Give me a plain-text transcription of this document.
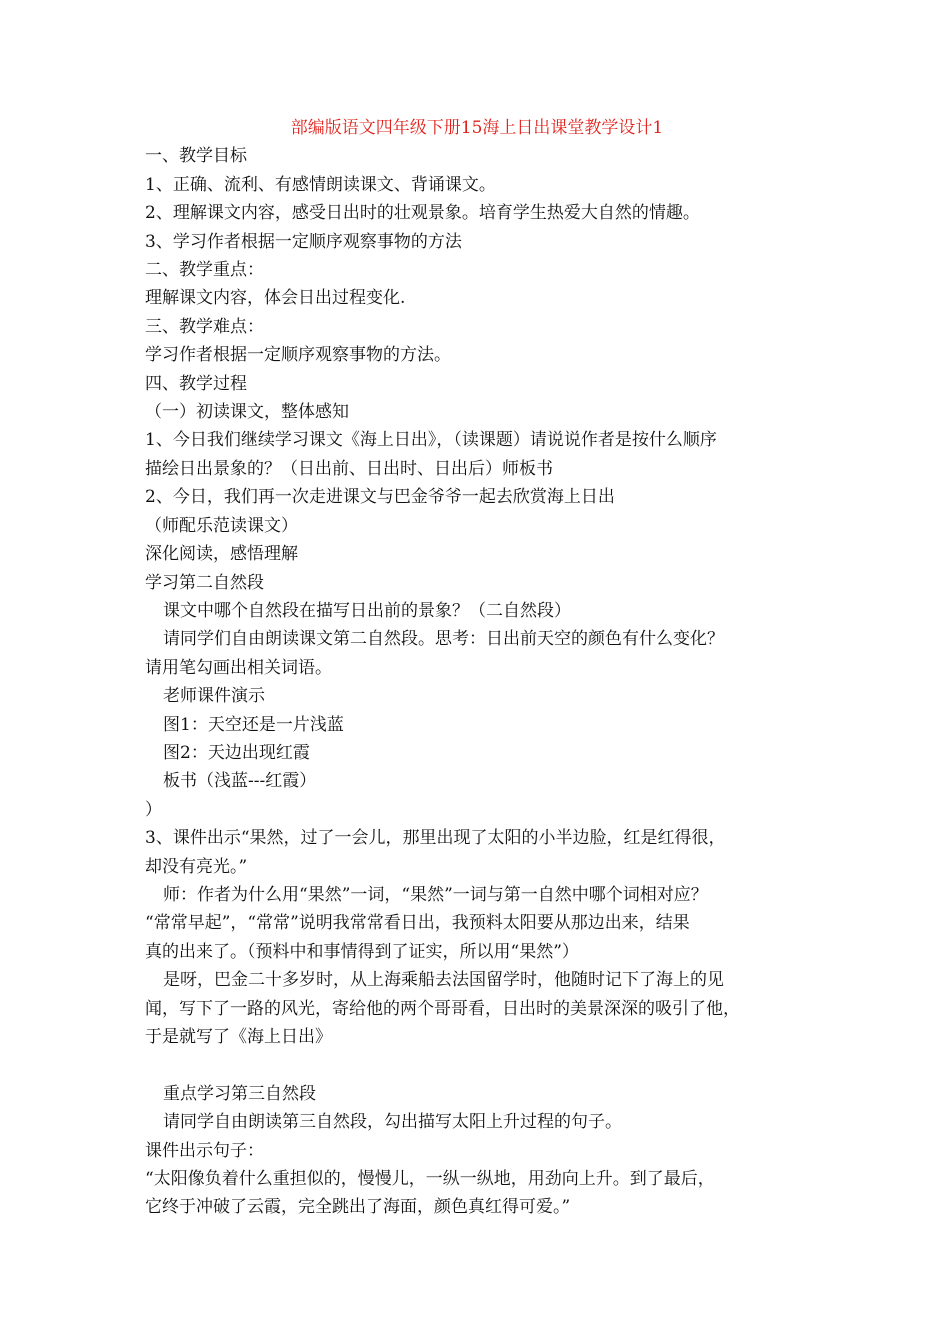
部编版语文四年级下册15海上日出课堂教学设计1
一、教学目标
1、正确、流利、有感情朗读课文、背诵课文。
2、理解课文内容，感受日出时的壮观景象。培育学生热爱大自然的情趣。
3、学习作者根据一定顺序观察事物的方法
二、教学重点：
理解课文内容，体会日出过程变化.
三、教学难点：
学习作者根据一定顺序观察事物的方法。
四、教学过程
（一）初读课文，整体感知
1、今日我们继续学习课文《海上日出》，（读课题）请说说作者是按什么顺序
描绘日出景象的？（日出前、日出时、日出后）师板书
2、今日，我们再一次走进课文与巴金爷爷一起去欣赏海上日出
（师配乐范读课文）
深化阅读，感悟理解
学习第二自然段
课文中哪个自然段在描写日出前的景象？（二自然段）
请同学们自由朗读课文第二自然段。思考：日出前天空的颜色有什么变化？
请用笔勾画出相关词语。
老师课件演示
图1：天空还是一片浅蓝
图2：天边出现红霞
板书（浅蓝---红霞）
）
3、课件出示“果然，过了一会儿，那里出现了太阳的小半边脸，红是红得很，
却没有亮光。”
师：作者为什么用“果然”一词，“果然”一词与第一自然中哪个词相对应？
“常常早起”，“常常”说明我常常看日出，我预料太阳要从那边出来，结果
真的出来了。（预料中和事情得到了证实，所以用“果然”）
是呀，巴金二十多岁时，从上海乘船去法国留学时，他随时记下了海上的见
闻，写下了一路的风光，寄给他的两个哥哥看，日出时的美景深深的吸引了他，
于是就写了《海上日出》
重点学习第三自然段
请同学自由朗读第三自然段，勾出描写太阳上升过程的句子。
课件出示句子：
“太阳像负着什么重担似的，慢慢儿，一纵一纵地，用劲向上升。到了最后，
它终于冲破了云霞，完全跳出了海面，颜色真红得可爱。”
